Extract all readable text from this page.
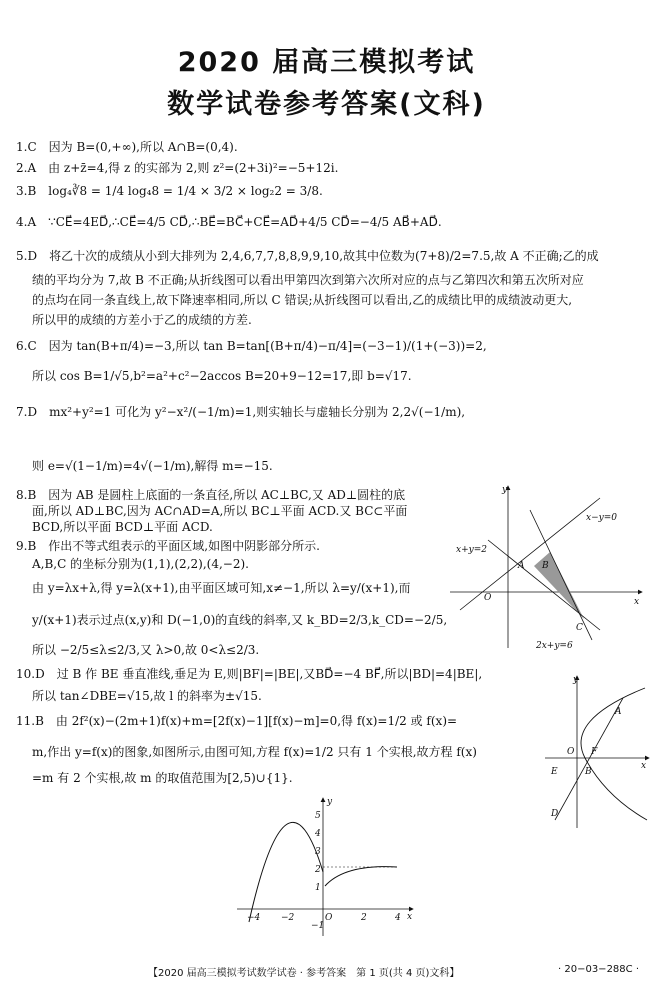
2020 届高三模拟考试
数学试卷参考答案(文科)
1.C　因为 B=(0,+∞),所以 A∩B=(0,4).
2.A　由 z+z̄=4,得 z 的实部为 2,则 z²=(2+3i)²=−5+12i.
3.B　log₄∛8 = 1/4 log₄8 = 1/4 × 3/2 × log₂2 = 3/8.
4.A　∵CE⃗=4ED⃗,∴CE⃗=4/5 CD⃗,∴BE⃗=BC⃗+CE⃗=AD⃗+4/5 CD⃗=−4/5 AB⃗+AD⃗.
5.D　将乙十次的成绩从小到大排列为 2,4,6,7,7,8,8,9,9,10,故其中位数为(7+8)/2=7.5,故 A 不正确;乙的成
绩的平均分为 7,故 B 不正确;从折线图可以看出甲第四次到第六次所对应的点与乙第四次和第五次所对应
的点均在同一条直线上,故下降速率相同,所以 C 错误;从折线图可以看出,乙的成绩比甲的成绩波动更大,
所以甲的成绩的方差小于乙的成绩的方差.
6.C　因为 tan(B+π/4)=−3,所以 tan B=tan[(B+π/4)−π/4]=(−3−1)/(1+(−3))=2,
所以 cos B=1/√5,b²=a²+c²−2accos B=20+9−12=17,即 b=√17.
7.D　mx²+y²=1 可化为 y²−x²/(−1/m)=1,则实轴长与虚轴长分别为 2,2√(−1/m),
则 e=√(1−1/m)=4√(−1/m),解得 m=−15.
8.B　因为 AB 是圆柱上底面的一条直径,所以 AC⊥BC,又 AD⊥圆柱的底
面,所以 AD⊥BC,因为 AC∩AD=A,所以 BC⊥平面 ACD.又 BC⊂平面
BCD,所以平面 BCD⊥平面 ACD.
9.B　作出不等式组表示的平面区域,如图中阴影部分所示.
A,B,C 的坐标分别为(1,1),(2,2),(4,−2).
由 y=λx+λ,得 y=λ(x+1),由平面区域可知,x≠−1,所以 λ=y/(x+1),而
y/(x+1)表示过点(x,y)和 D(−1,0)的直线的斜率,又 k_BD=2/3,k_CD=−2/5,
所以 −2/5≤λ≤2/3,又 λ>0,故 0<λ≤2/3.
10.D　过 B 作 BE 垂直准线,垂足为 E,则|BF|=|BE|,又BD⃗=−4 BF⃗,所以|BD|=4|BE|,
所以 tan∠DBE=√15,故 l 的斜率为±√15.
11.B　由 2f²(x)−(2m+1)f(x)+m=[2f(x)−1][f(x)−m]=0,得 f(x)=1/2 或 f(x)=
m,作出 y=f(x)的图象,如图所示,由图可知,方程 f(x)=1/2 只有 1 个实根,故方程 f(x)
=m 有 2 个实根,故 m 的取值范围为[2,5)∪{1}.
y
x
x−y=0
x+y=2
2x+y=6
A B
C
O
y
x
A
O F
E	B
D
y
x
−4 −2	2	4
5
4
3
2
1
−1
O
【2020 届高三模拟考试数学试卷 · 参考答案　第 1 页(共 4 页)文科】	· 20−03−288C ·
